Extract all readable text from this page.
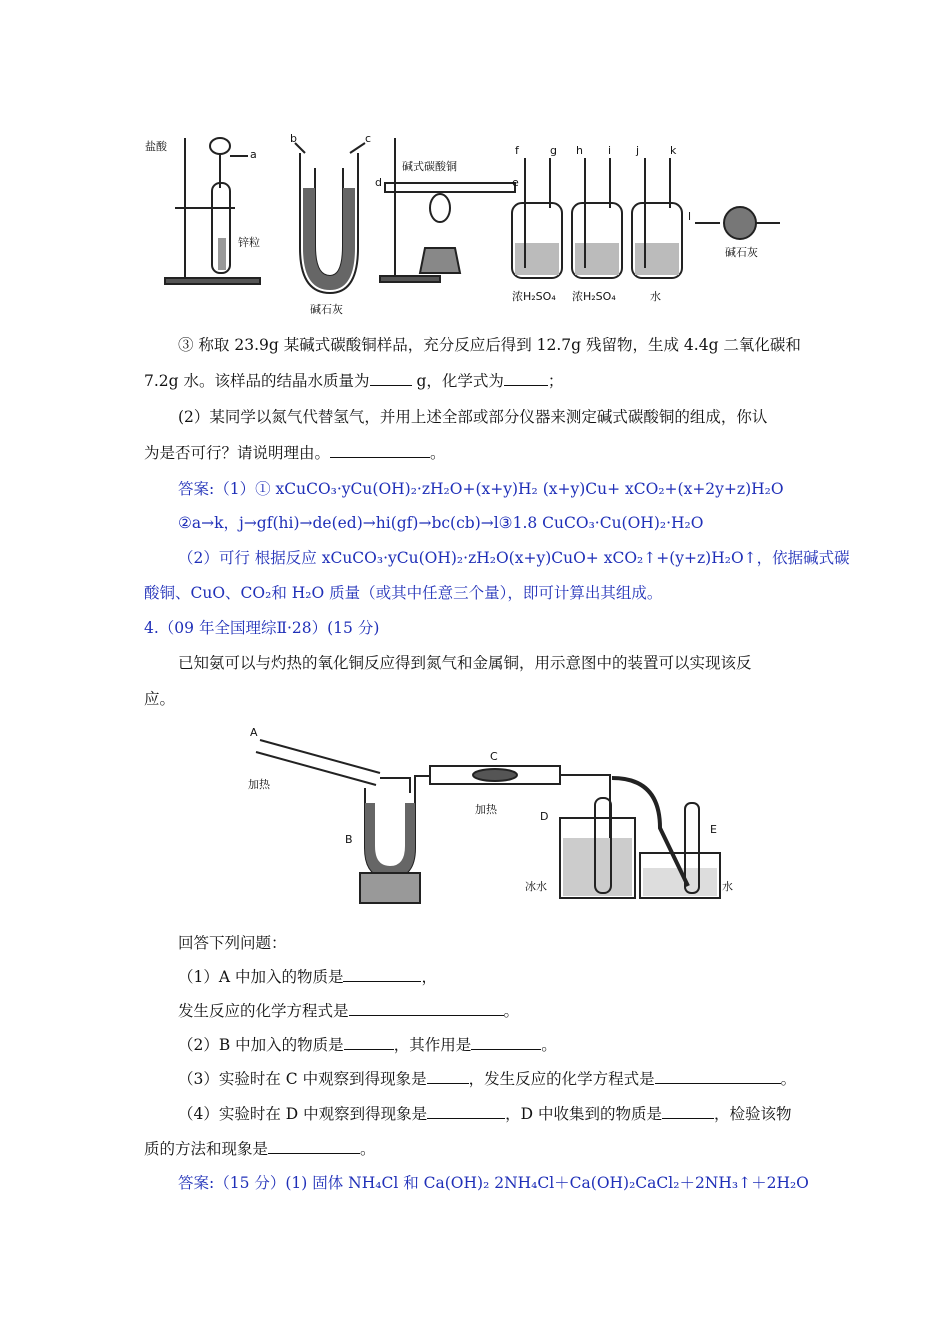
盐酸
锌粒
碱石灰
碱式碳酸铜
浓H₂SO₄ 浓H₂SO₄	水
碱石灰
a
b	c
d	e
f	g h i j	k
l
③ 称取 23.9g 某碱式碳酸铜样品，充分反应后得到 12.7g 残留物，生成 4.4g 二氧化碳和
7.2g 水。该样品的结晶水质量为	g，化学式为	；
(2）某同学以氮气代替氢气，并用上述全部或部分仪器来测定碱式碳酸铜的组成，你认
为是否可行？请说明理由。	。
答案:（1）① xCuCO₃·yCu(OH)₂·zH₂O+(x+y)H₂ (x+y)Cu+ xCO₂+(x+2y+z)H₂O
②a→k，j→gf(hi)→de(ed)→hi(gf)→bc(cb)→l③1.8 CuCO₃·Cu(OH)₂·H₂O
（2）可行 根据反应 xCuCO₃·yCu(OH)₂·zH₂O(x+y)CuO+ xCO₂↑+(y+z)H₂O↑，依据碱式碳
酸铜、CuO、CO₂和 H₂O 质量（或其中任意三个量），即可计算出其组成。
4.（09 年全国理综Ⅱ·28）(15 分)
已知氨可以与灼热的氧化铜反应得到氮气和金属铜，用示意图中的装置可以实现该反
应。
A
加热
B
C
加热
D
E
冰水	水
回答下列问题：
（1）A 中加入的物质是	，
发生反应的化学方程式是	。
（2）B 中加入的物质是	，其作用是	。
（3）实验时在 C 中观察到得现象是	，发生反应的化学方程式是	。
（4）实验时在 D 中观察到得现象是	，D 中收集到的物质是	，检验该物
质的方法和现象是	。
答案:（15 分）(1) 固体 NH₄Cl 和 Ca(OH)₂ 2NH₄Cl＋Ca(OH)₂CaCl₂＋2NH₃↑＋2H₂O
